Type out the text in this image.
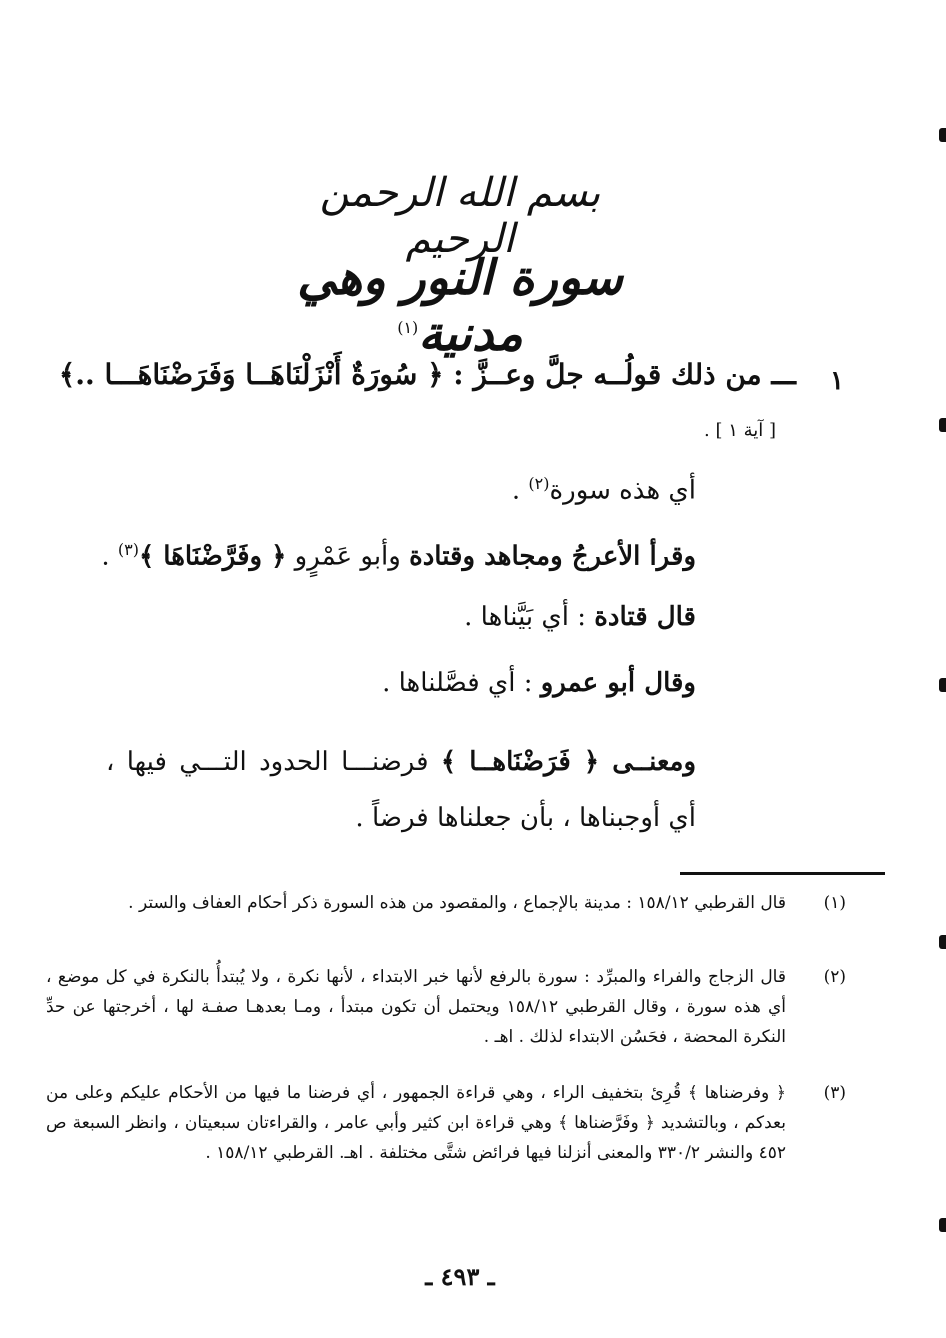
بسم الله الرحمن الرحيم
سورة النور وهي مدنية$^{(١)}$
١
ـــ من ذلك قولُــه جلَّ وعــزَّ : ﴿ سُورَةٌ أَنْزَلْنَاهَــا وَفَرَضْنَاهَـــا ..﴾
[ آية ١ ] .
أي هذه سورة$^{(٢)}$ .
وقرأ الأعرجُ ومجاهد وقتادة وأبو عَمْرٍو ﴿ وفَرَّضْنَاهَا ﴾$^{(٣)}$ .
قال قتادة : أي بَيَّناها .
وقال أبو عمرو : أي فصَّلناها .
ومعنــى ﴿ فَرَضْنَاهــا ﴾ فرضنـــا الحدود التـــي فيها ، أي أوجبناها ، بأن جعلناها فرضاً .
(١)
قال القرطبي ١٥٨/١٢ : مدينة بالإجماع ، والمقصود من هذه السورة ذكر أحكام العفاف والستر .
(٢)
قال الزجاج والفراء والمبرِّد : سورة بالرفع لأنها خبر الابتداء ، لأنها نكرة ، ولا يُبتدأُ بالنكرة في كل موضع ، أي هذه سورة ، وقال القرطبي ١٥٨/١٢ ويحتمل أن تكون مبتدأ ، ومـا بعدهـا صفـة لها ، أخرجتها عن حدِّ النكرة المحضة ، فحَسُن الابتداء لذلك . اهـ .
(٣)
﴿ وفرضناها ﴾ قُرِئ بتخفيف الراء ، وهي قراءة الجمهور ، أي فرضنا ما فيها من الأحكام عليكم وعلى من بعدكم ، وبالتشديد ﴿ وفَرَّضناها ﴾ وهي قراءة ابن كثير وأبي عامر ، والقراءتان سبعيتان ، وانظر السبعة ص ٤٥٢ والنشر ٣٣٠/٢ والمعنى أنزلنا فيها فرائض شتَّى مختلفة . اهـ. القرطبي ١٥٨/١٢ .
ـ ٤٩٣ ـ
